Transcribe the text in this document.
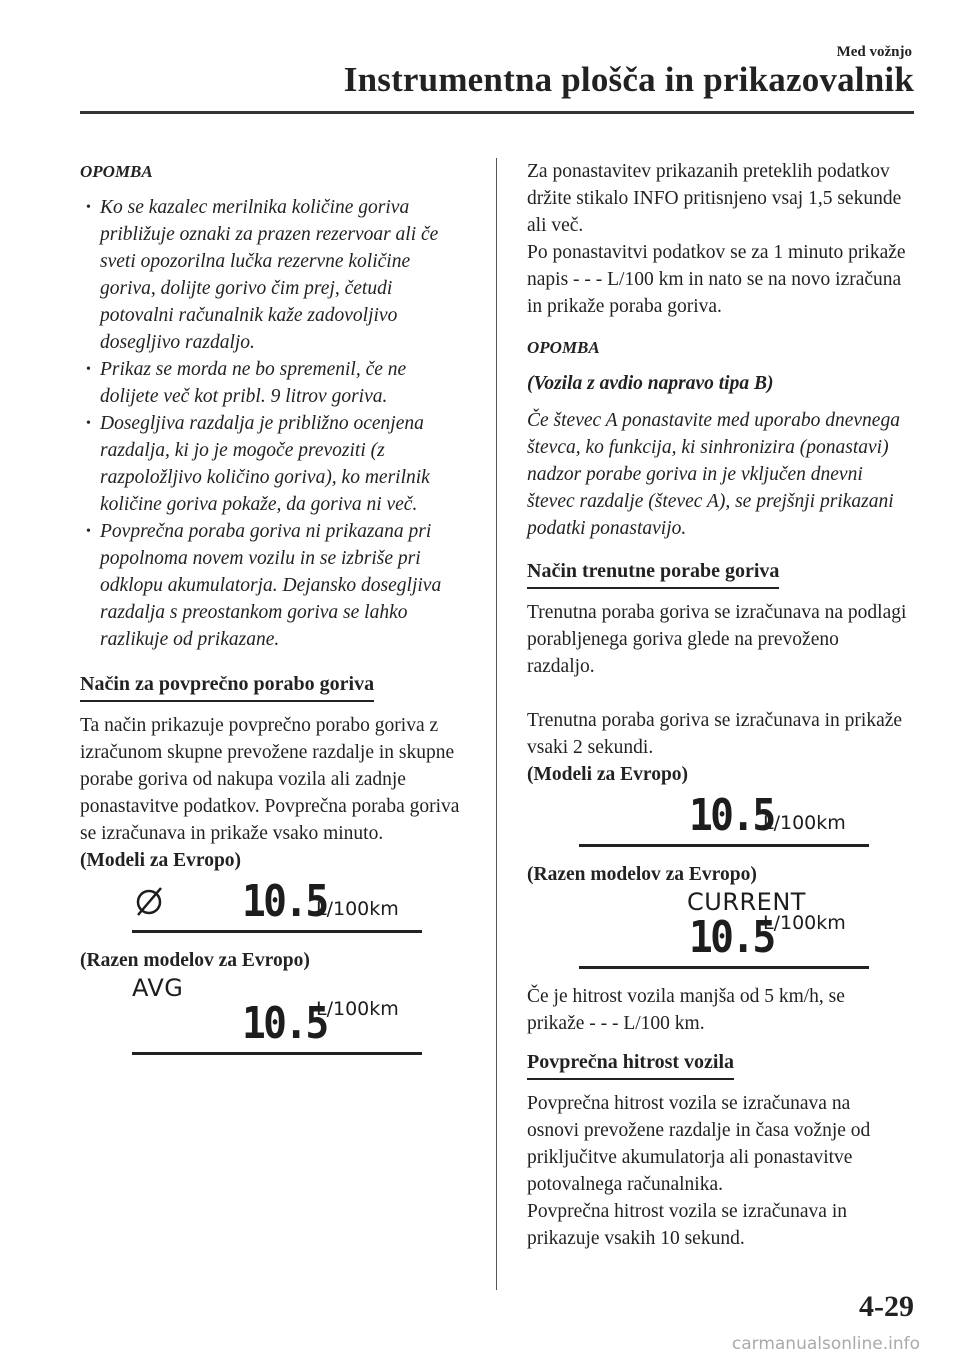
Med vožnjo
Instrumentna plošča in prikazovalnik

OPOMBA

• Ko se kazalec merilnika količine goriva približuje oznaki za prazen rezervoar ali če sveti opozorilna lučka rezervne količine goriva, dolijte gorivo čim prej, četudi potovalni računalnik kaže zadovoljivo dosegljivo razdaljo.
• Prikaz se morda ne bo spremenil, če ne dolijete več kot pribl. 9 litrov goriva.
• Dosegljiva razdalja je približno ocenjena razdalja, ki jo je mogoče prevoziti (z razpoložljivo količino goriva), ko merilnik količine goriva pokaže, da goriva ni več.
• Povprečna poraba goriva ni prikazana pri popolnoma novem vozilu in se izbriše pri odklopu akumulatorja. Dejansko dosegljiva razdalja s preostankom goriva se lahko razlikuje od prikazane.
Način za povprečno porabo goriva

Ta način prikazuje povprečno porabo goriva z izračunom skupne prevožene razdalje in skupne porabe goriva od nakupa vozila ali zadnje ponastavitve podatkov. Povprečna poraba goriva se izračunava in prikaže vsako minuto.

(Modeli za Evropo)

10.5
L/100km

(Razen modelov za Evropo)

AVG
10.5
L/100km

Za ponastavitev prikazanih preteklih podatkov držite stikalo INFO pritisnjeno vsaj 1,5 sekunde ali več.

Po ponastavitvi podatkov se za 1 minuto prikaže napis - - - L/100 km in nato se na novo izračuna in prikaže poraba goriva.

OPOMBA

(Vozila z avdio napravo tipa B)

Če števec A ponastavite med uporabo dnevnega števca, ko funkcija, ki sinhronizira (ponastavi) nadzor porabe goriva in je vključen dnevni števec razdalje (števec A), se prejšnji prikazani podatki ponastavijo.

Način trenutne porabe goriva

Trenutna poraba goriva se izračunava na podlagi porabljenega goriva glede na prevoženo razdaljo.

Trenutna poraba goriva se izračunava in prikaže vsaki 2 sekundi.

(Modeli za Evropo)

10.5
L/100km

(Razen modelov za Evropo)

CURRENT
10.5
L/100km

Če je hitrost vozila manjša od 5 km/h, se prikaže - - - L/100 km.

Povprečna hitrost vozila

Povprečna hitrost vozila se izračunava na osnovi prevožene razdalje in časa vožnje od priključitve akumulatorja ali ponastavitve potovalnega računalnika.

Povprečna hitrost vozila se izračunava in prikazuje vsakih 10 sekund.

4-29
carmanualsonline.info
